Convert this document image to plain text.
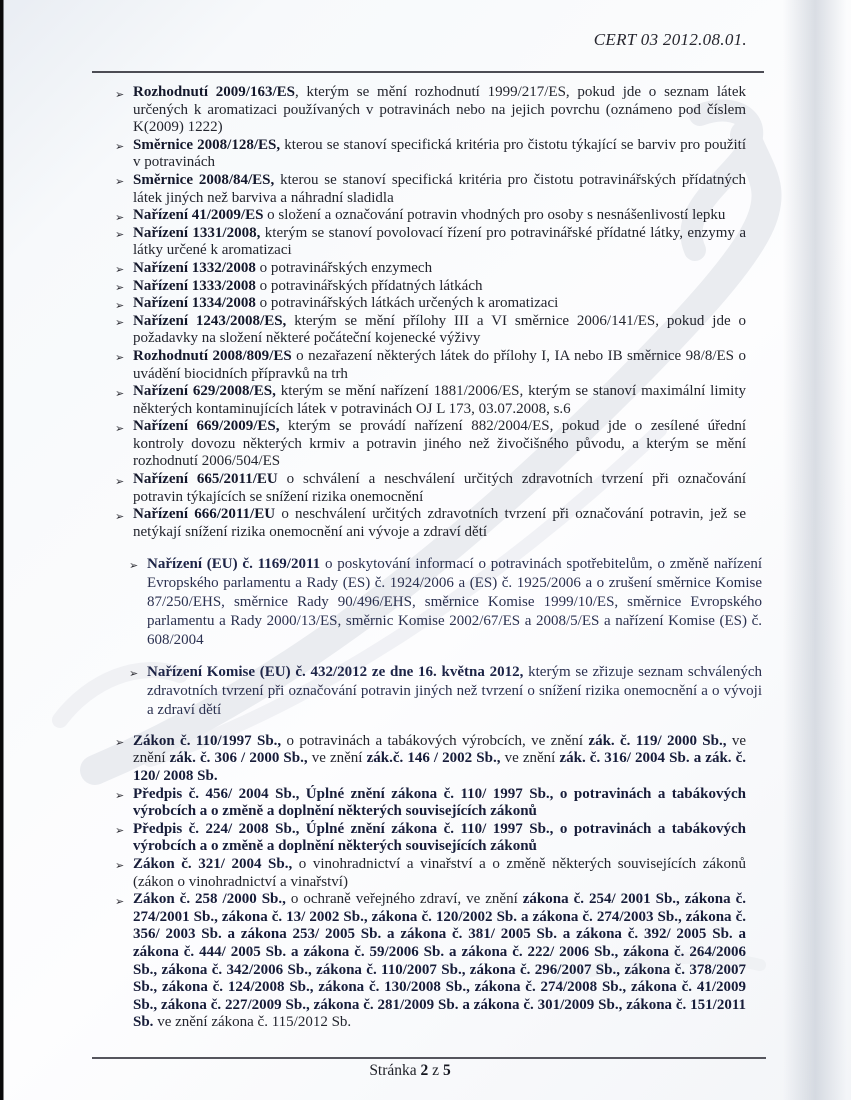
CERT 03 2012.08.01.
➢ Rozhodnutí 2009/163/ES, kterým se mění rozhodnutí 1999/217/ES, pokud jde o seznam látek určených k aromatizaci používaných v potravinách nebo na jejich povrchu (oznámeno pod číslem K(2009) 1222)
➢ Směrnice 2008/128/ES, kterou se stanoví specifická kritéria pro čistotu týkající se barviv pro použití v potravinách
➢ Směrnice 2008/84/ES, kterou se stanoví specifická kritéria pro čistotu potravinářských přídatných látek jiných než barviva a náhradní sladidla
➢ Nařízení 41/2009/ES o složení a označování potravin vhodných pro osoby s nesnášenlivostí lepku
➢ Nařízení 1331/2008, kterým se stanoví povolovací řízení pro potravinářské přídatné látky, enzymy a látky určené k aromatizaci
➢ Nařízení 1332/2008 o potravinářských enzymech
➢ Nařízení 1333/2008 o potravinářských přídatných látkách
➢ Nařízení 1334/2008 o potravinářských látkách určených k aromatizaci
➢ Nařízení 1243/2008/ES, kterým se mění přílohy III a VI směrnice 2006/141/ES, pokud jde o požadavky na složení některé počáteční kojenecké výživy
➢ Rozhodnutí 2008/809/ES o nezařazení některých látek do přílohy I, IA nebo IB směrnice 98/8/ES o uvádění biocidních přípravků na trh
➢ Nařízení 629/2008/ES, kterým se mění nařízení 1881/2006/ES, kterým se stanoví maximální limity některých kontaminujících látek v potravinách OJ L 173, 03.07.2008, s.6
➢ Nařízení 669/2009/ES, kterým se provádí nařízení 882/2004/ES, pokud jde o zesílené úřední kontroly dovozu některých krmiv a potravin jiného než živočišného původu, a kterým se mění rozhodnutí 2006/504/ES
➢ Nařízení 665/2011/EU o schválení a neschválení určitých zdravotních tvrzení při označování potravin týkajících se snížení rizika onemocnění
➢ Nařízení 666/2011/EU o neschválení určitých zdravotních tvrzení při označování potravin, jež se netýkají snížení rizika onemocnění ani vývoje a zdraví dětí
➢ Nařízení (EU) č. 1169/2011 o poskytování informací o potravinách spotřebitelům, o změně nařízení Evropského parlamentu a Rady (ES) č. 1924/2006 a (ES) č. 1925/2006 a o zrušení směrnice Komise 87/250/EHS, směrnice Rady 90/496/EHS, směrnice Komise 1999/10/ES, směrnice Evropského parlamentu a Rady 2000/13/ES, směrnic Komise 2002/67/ES a 2008/5/ES a nařízení Komise (ES) č. 608/2004
➢ Nařízení Komise (EU) č. 432/2012 ze dne 16. května 2012, kterým se zřizuje seznam schválených zdravotních tvrzení při označování potravin jiných než tvrzení o snížení rizika onemocnění a o vývoji a zdraví dětí
➢ Zákon č. 110/1997 Sb., o potravinách a tabákových výrobcích, ve znění zák. č. 119/ 2000 Sb., ve znění zák. č. 306 / 2000 Sb., ve znění zák.č. 146 / 2002 Sb., ve znění zák. č. 316/ 2004 Sb. a zák. č. 120/ 2008 Sb.
➢ Předpis č. 456/ 2004 Sb., Úplné znění zákona č. 110/ 1997 Sb., o potravinách a tabákových výrobcích a o změně a doplnění některých souvisejících zákonů
➢ Předpis č. 224/ 2008 Sb., Úplné znění zákona č. 110/ 1997 Sb., o potravinách a tabákových výrobcích a o změně a doplnění některých souvisejících zákonů
➢ Zákon č. 321/ 2004 Sb., o vinohradnictví a vinařství a o změně některých souvisejících zákonů (zákon o vinohradnictví a vinařství)
➢ Zákon č. 258 /2000 Sb., o ochraně veřejného zdraví, ve znění zákona č. 254/ 2001 Sb., zákona č. 274/2001 Sb., zákona č. 13/ 2002 Sb., zákona č. 120/2002 Sb. a zákona č. 274/2003 Sb., zákona č. 356/ 2003 Sb. a zákona 253/ 2005 Sb. a zákona č. 381/ 2005 Sb. a zákona č. 392/ 2005 Sb. a zákona č. 444/ 2005 Sb. a zákona č. 59/2006 Sb. a zákona č. 222/ 2006 Sb., zákona č. 264/2006 Sb., zákona č. 342/2006 Sb., zákona č. 110/2007 Sb., zákona č. 296/2007 Sb., zákona č. 378/2007 Sb., zákona č. 124/2008 Sb., zákona č. 130/2008 Sb., zákona č. 274/2008 Sb., zákona č. 41/2009 Sb., zákona č. 227/2009 Sb., zákona č. 281/2009 Sb. a zákona č. 301/2009 Sb., zákona č. 151/2011 Sb. ve znění zákona č. 115/2012 Sb.
Stránka 2 z 5
